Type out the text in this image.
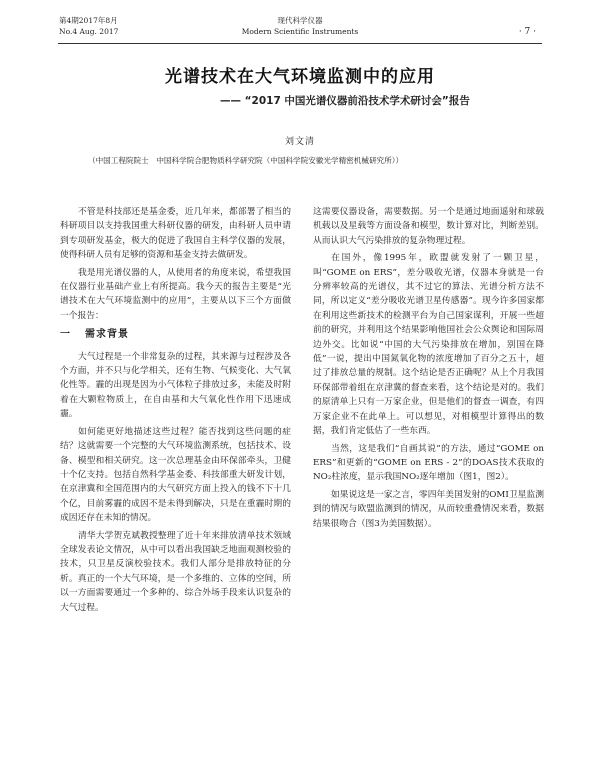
第4期2017年8月
No.4 Aug. 2017
现代科学仪器
Modern Scientific Instruments	· 7 ·
光谱技术在大气环境监测中的应用
—— “2017 中国光谱仪器前沿技术学术研讨会”报告
刘文清
（中国工程院院士　中国科学院合肥物质科学研究院（中国科学院安徽光学精密机械研究所））

不管是科技部还是基金委，近几年来，都部署了相当的科研项目以支持我国重大科研仪器的研发，由科研人员申请到专项研发基金，极大的促进了我国自主科学仪器的发展，使得科研人员有足够的资源和基金支持去做研发。

我是用光谱仪器的人，从使用者的角度来说，希望我国在仪器行业基础产业上有所提高。我今天的报告主要是“光谱技术在大气环境监测中的应用”，主要从以下三个方面做一个报告：

一 需求背景

大气过程是一个非常复杂的过程，其来源与过程涉及各个方面，并不只与化学相关，还有生物、气候变化、大气氧化性等。霾的出现是因为小气体粒子排放过多，未能及时附着在大颗粒物质上，在自由基和大气氧化性作用下迅速成霾。

如何能更好地描述这些过程？能否找到这些问题的症结？这就需要一个完整的大气环境监测系统，包括技术、设备、模型和相关研究。这一次总理基金由环保部牵头，卫健十个亿支持。包括自然科学基金委、科技部重大研发计划，在京津冀和全国范围内的大气研究方面上投入的钱不下十几个亿，目前雾霾的成因不是未得到解决，只是在重霾时期的成因还存在未知的情况。

清华大学贺克斌教授整理了近十年来排放清单技术领域全球发表论文情况，从中可以看出我国缺乏地面观测校验的技术，只卫星反演校验技术。我们人部分是排放特征的分析。真正的一个大气环境，是一个多维的、立体的空间，所以一方面需要通过一个多种的、综合外场手段来认识复杂的大气过程。

这需要仪器设备，需要数据。另一个是通过地面遥射和球载机载以及星载等方面设备和模型，数计算对比，判断差别。从而认识大气污染排放的复杂物理过程。

在国外，像1995年，欧盟就发射了一颗卫星，叫“GOME on ERS”，差分吸收光谱，仪器本身就是一台分辨率较高的光谱仪，其不过它的算法、光谱分析方法不同，所以定义“差分吸收光谱卫星传感器”。现今许多国家都在利用这些新技术的检测平台为自己国家谋利，开展一些超前的研究，并利用这个结果影响他国社会公众舆论和国际周边外交。比如说“中国的大气污染排放在增加，别国在降低”一说，提出中国氮氧化物的浓度增加了百分之五十，超过了排放总量的规制。这个结论是否正确呢？从上个月我国环保部带着组在京津冀的督查来看，这个结论是对的。我们的原清单上只有一万家企业，但是他们的督查一调查，有四万家企业不在此单上。可以想见，对相模型计算得出的数据，我们肯定低估了一些东西。

当然，这是我们“自画其说”的方法，通过“GOME on ERS”和更新的“GOME on ERS - 2”的DOAS技术获取的NO₂柱浓度，显示我国NO₂逐年增加（图1，图2）。

如果说这是一家之言，零四年美国发射的OMI卫星监测到的情况与欧盟监测到的情况，从而较重叠情况来看，数据结果很吻合（图3为美国数据）。
